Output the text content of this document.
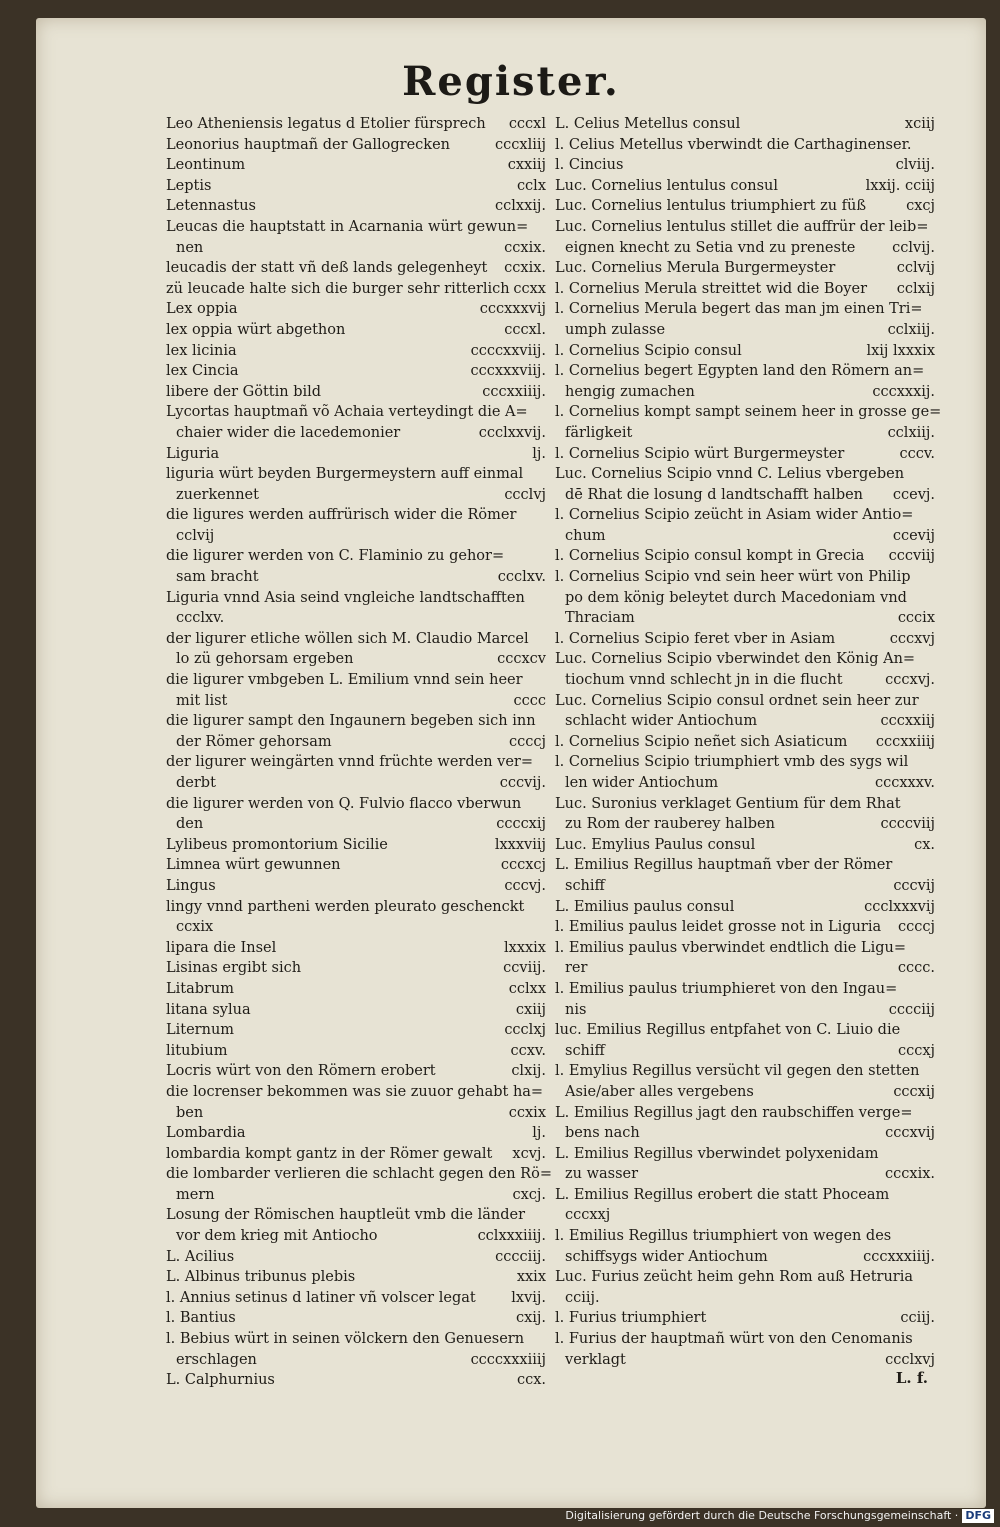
Register.
Leo Atheniensis legatus d Etolier fürsprech cccxl
Leonorius hauptmañ der Gallogrecken	cccxliij
Leontinum	cxxiij
Leptis	cclx
Letennastus	cclxxij.
Leucas die hauptstatt in Acarnania würt gewun=
nen	ccxix.
leucadis der statt vñ deß lands gelegenheyt ccxix.
zü leucade halte sich die burger sehr ritterlich ccxx
Lex oppia	cccxxxvij
lex oppia würt abgethon	cccxl.
lex licinia	ccccxxviij.
lex Cincia	cccxxxviij.
libere der Göttin bild	cccxxiiij.
Lycortas hauptmañ võ Achaia verteydingt die A=
chaier wider die lacedemonier	ccclxxvij.
Liguria	lj.
liguria würt beyden Burgermeystern auff einmal
zuerkennet	ccclvj
die ligures werden auffrürisch wider die Römer
cclvij
die ligurer werden von C. Flaminio zu gehor=
sam bracht	ccclxv.
Liguria vnnd Asia seind vngleiche landtschafften
ccclxv.
der ligurer etliche wöllen sich M. Claudio Marcel
lo zü gehorsam ergeben	cccxcv
die ligurer vmbgeben L. Emilium vnnd sein heer
mit list	cccc
die ligurer sampt den Ingaunern begeben sich inn
der Römer gehorsam	ccccj
der ligurer weingärten vnnd früchte werden ver=
derbt	cccvij.
die ligurer werden von Q. Fulvio flacco vberwun
den	ccccxij
Lylibeus promontorium Sicilie	lxxxviij
Limnea würt gewunnen	cccxcj
Lingus	cccvj.
lingy vnnd partheni werden pleurato geschenckt
ccxix
lipara die Insel	lxxxix
Lisinas ergibt sich	ccviij.
Litabrum	cclxx
litana sylua	cxiij
Liternum	ccclxj
litubium	ccxv.
Locris würt von den Römern erobert	clxij.
die locrenser bekommen was sie zuuor gehabt ha=
ben	ccxix
Lombardia	lj.
lombardia kompt gantz in der Römer gewalt xcvj.
die lombarder verlieren die schlacht gegen den Rö=
mern	cxcj.
Losung der Römischen hauptleüt vmb die länder
vor dem krieg mit Antiocho	cclxxxiiij.
L. Acilius	cccciij.
L. Albinus tribunus plebis	xxix
l. Annius setinus d latiner vñ volscer legat lxvij.
l. Bantius	cxij.
l. Bebius würt in seinen völckern den Genuesern
erschlagen	ccccxxxiiij
L. Calphurnius	ccx.
L. Celius Metellus consul	xciij
l. Celius Metellus vberwindt die Carthaginenser.
l. Cincius	clviij.
Luc. Cornelius lentulus consul	lxxij. cciij
Luc. Cornelius lentulus triumphiert zu füß	cxcj
Luc. Cornelius lentulus stillet die auffrür der leib=
eignen knecht zu Setia vnd zu preneste	cclvij.
Luc. Cornelius Merula Burgermeyster	cclvij
l. Cornelius Merula streittet wid die Boyer cclxij
l. Cornelius Merula begert das man jm einen Tri=
umph zulasse	cclxiij.
l. Cornelius Scipio consul	lxij lxxxix
l. Cornelius begert Egypten land den Römern an=
hengig zumachen	cccxxxij.
l. Cornelius kompt sampt seinem heer in grosse ge=
färligkeit	cclxiij.
l. Cornelius Scipio würt Burgermeyster	cccv.
Luc. Cornelius Scipio vnnd C. Lelius vbergeben
dē Rhat die losung d landtschafft halben ccevj.
l. Cornelius Scipio zeücht in Asiam wider Antio=
chum	ccevij
l. Cornelius Scipio consul kompt in Grecia cccviij
l. Cornelius Scipio vnd sein heer würt von Philip
po dem könig beleytet durch Macedoniam vnd
Thraciam	cccix
l. Cornelius Scipio feret vber in Asiam	cccxvj
Luc. Cornelius Scipio vberwindet den König An=
tiochum vnnd schlecht jn in die flucht	cccxvj.
Luc. Cornelius Scipio consul ordnet sein heer zur
schlacht wider Antiochum	cccxxiij
l. Cornelius Scipio neñet sich Asiaticum cccxxiiij
l. Cornelius Scipio triumphiert vmb des sygs wil
len wider Antiochum	cccxxxv.
Luc. Suronius verklaget Gentium für dem Rhat
zu Rom der rauberey halben	ccccviij
Luc. Emylius Paulus consul	cx.
L. Emilius Regillus hauptmañ vber der Römer
schiff	cccvij
L. Emilius paulus consul	ccclxxxvij
l. Emilius paulus leidet grosse not in Liguria ccccj
l. Emilius paulus vberwindet endtlich die Ligu=
rer	cccc.
l. Emilius paulus triumphieret von den Ingau=
nis	cccciij
luc. Emilius Regillus entpfahet von C. Liuio die
schiff	cccxj
l. Emylius Regillus versücht vil gegen den stetten
Asie/aber alles vergebens	cccxij
L. Emilius Regillus jagt den raubschiffen verge=
bens nach	cccxvij
L. Emilius Regillus vberwindet polyxenidam
zu wasser	cccxix.
L. Emilius Regillus erobert die statt Phoceam
cccxxj
l. Emilius Regillus triumphiert von wegen des
schiffsygs wider Antiochum	cccxxxiiij.
Luc. Furius zeücht heim gehn Rom auß Hetruria
cciij.
l. Furius triumphiert	cciij.
l. Furius der hauptmañ würt von den Cenomanis
verklagt	ccclxvj
L. f.
Digitalisierung gefördert durch die Deutsche Forschungsgemeinschaft · DFG
